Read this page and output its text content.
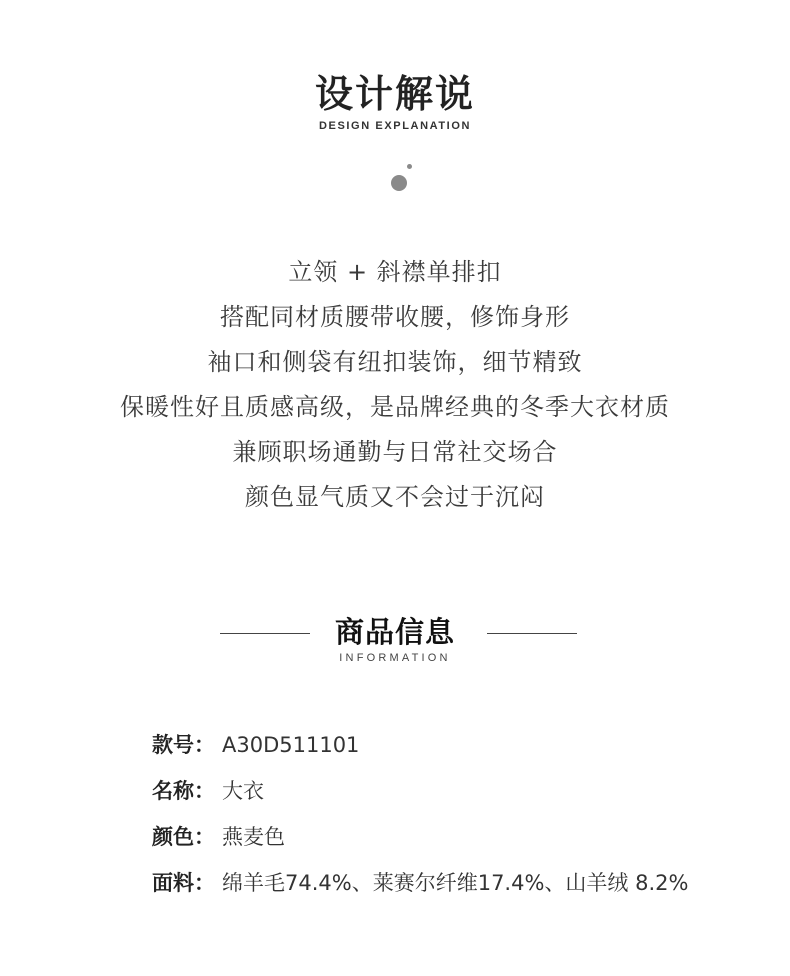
设计解说
DESIGN EXPLANATION
立领 + 斜襟单排扣
搭配同材质腰带收腰，修饰身形
袖口和侧袋有纽扣装饰，细节精致
保暖性好且质感高级，是品牌经典的冬季大衣材质
兼顾职场通勤与日常社交场合
颜色显气质又不会过于沉闷
商品信息
INFORMATION
款号： A30D511101
名称： 大衣
颜色： 燕麦色
面料： 绵羊毛74.4%、莱赛尔纤维17.4%、山羊绒 8.2%
